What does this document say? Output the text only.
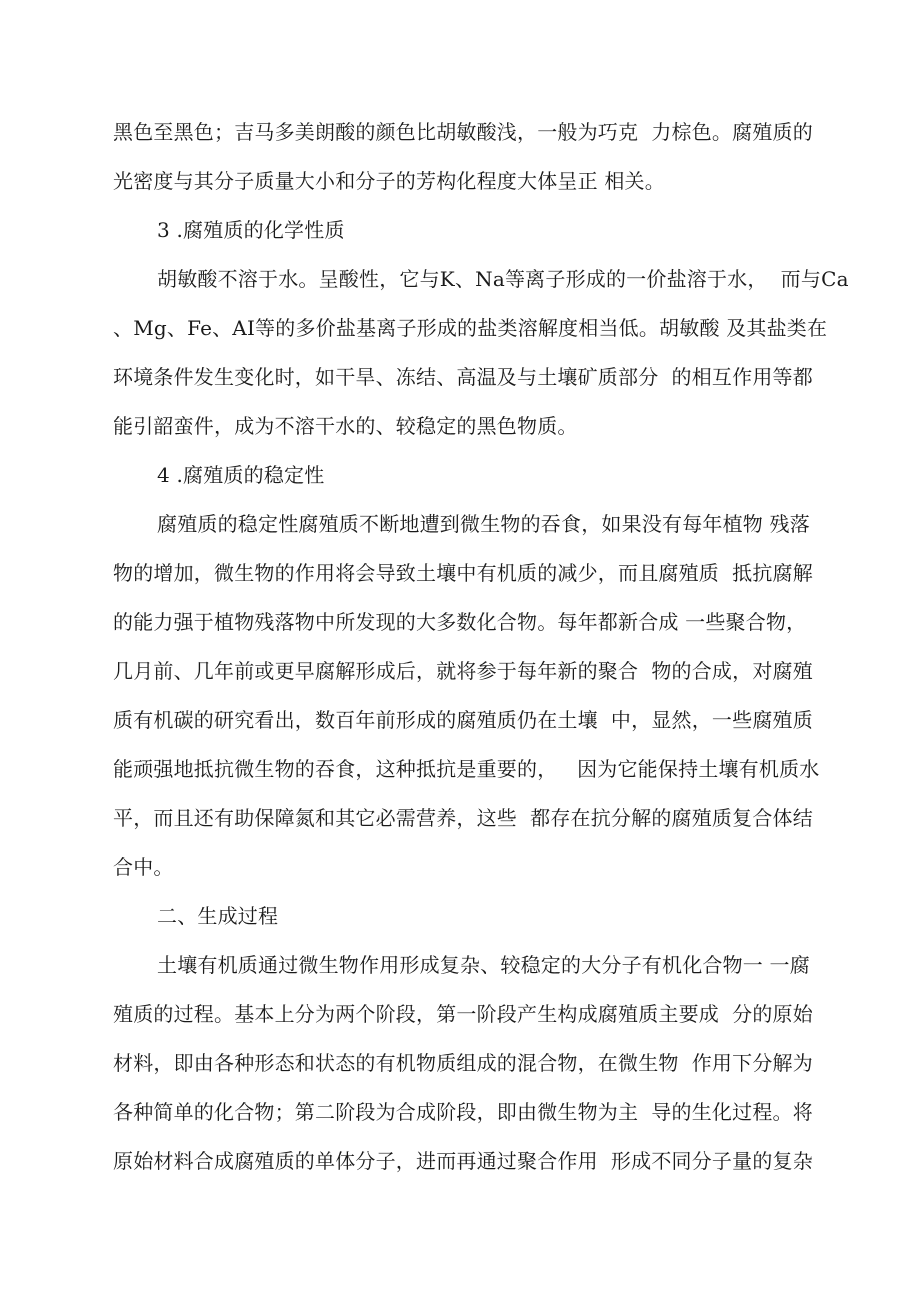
黑色至黑色；吉马多美朗酸的颜色比胡敏酸浅，一般为巧克  力棕色。腐殖质的
光密度与其分子质量大小和分子的芳构化程度大体呈正 相关。
3 .腐殖质的化学性质
胡敏酸不溶于水。呈酸性，它与K、Na等离子形成的一价盐溶于水，  而与Ca
、Mg、Fe、AI等的多价盐基离子形成的盐类溶解度相当低。胡敏酸 及其盐类在
环境条件发生变化时，如干旱、冻结、高温及与土壤矿质部分  的相互作用等都
能引韶蛮件，成为不溶干水的、较稳定的黑色物质。
4 .腐殖质的稳定性
腐殖质的稳定性腐殖质不断地遭到微生物的吞食，如果没有每年植物 残落
物的增加，微生物的作用将会导致土壤中有机质的减少，而且腐殖质  抵抗腐解
的能力强于植物残落物中所发现的大多数化合物。每年都新合成 一些聚合物，
几月前、几年前或更早腐解形成后，就将参于每年新的聚合  物的合成，对腐殖
质有机碳的研究看出，数百年前形成的腐殖质仍在土壤  中，显然，一些腐殖质
能顽强地抵抗微生物的吞食，这种抵抗是重要的，   因为它能保持土壤有机质水
平，而且还有助保障氮和其它必需营养，这些  都存在抗分解的腐殖质复合体结
合中。
二、生成过程
土壤有机质通过微生物作用形成复杂、较稳定的大分子有机化合物一 一腐
殖质的过程。基本上分为两个阶段，第一阶段产生构成腐殖质主要成  分的原始
材料，即由各种形态和状态的有机物质组成的混合物，在微生物  作用下分解为
各种简单的化合物；第二阶段为合成阶段，即由微生物为主  导的生化过程。将
原始材料合成腐殖质的单体分子，进而再通过聚合作用  形成不同分子量的复杂
